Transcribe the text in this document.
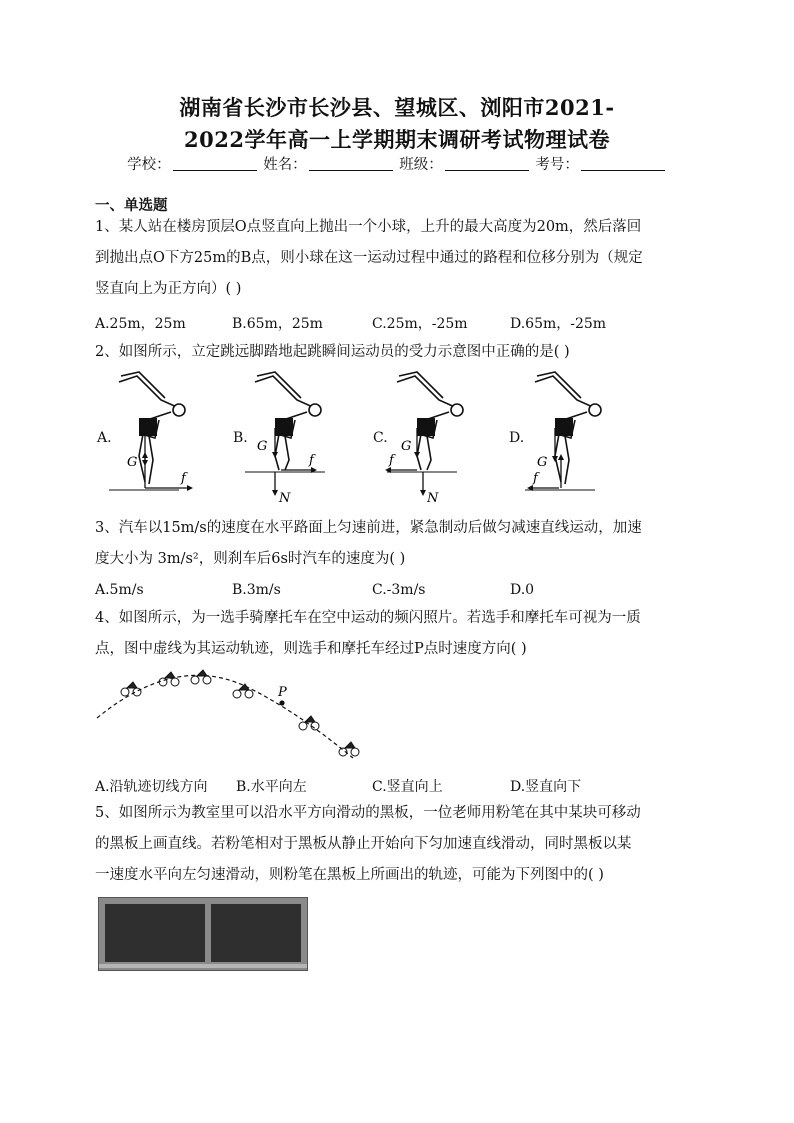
湖南省长沙市长沙县、望城区、浏阳市2021-
2022学年高一上学期期末调研考试物理试卷
学校：	姓名：	班级：	考号：
一、单选题
1、某人站在楼房顶层O点竖直向上抛出一个小球，上升的最大高度为20m，然后落回
到抛出点O下方25m的B点，则小球在这一运动过程中通过的路程和位移分别为（规定
竖直向上为正方向）( )
A.25m，25m	B.65m，25m	C.25m，-25m	D.65m，-25m
2、如图所示，立定跳远脚踏地起跳瞬间运动员的受力示意图中正确的是( )
A.
G
f
B.
G
f
N
C.
G
f
N
D.
G
f
3、汽车以15m/s的速度在水平路面上匀速前进，紧急制动后做匀减速直线运动，加速
度大小为 3m/s²，则刹车后6s时汽车的速度为( )
A.5m/s	B.3m/s	C.-3m/s	D.0
4、如图所示，为一选手骑摩托车在空中运动的频闪照片。若选手和摩托车可视为一质
点，图中虚线为其运动轨迹，则选手和摩托车经过P点时速度方向( )
P
A.沿轨迹切线方向 B.水平向左	C.竖直向上	D.竖直向下
5、如图所示为教室里可以沿水平方向滑动的黑板，一位老师用粉笔在其中某块可移动
的黑板上画直线。若粉笔相对于黑板从静止开始向下匀加速直线滑动，同时黑板以某
一速度水平向左匀速滑动，则粉笔在黑板上所画出的轨迹，可能为下列图中的( )
